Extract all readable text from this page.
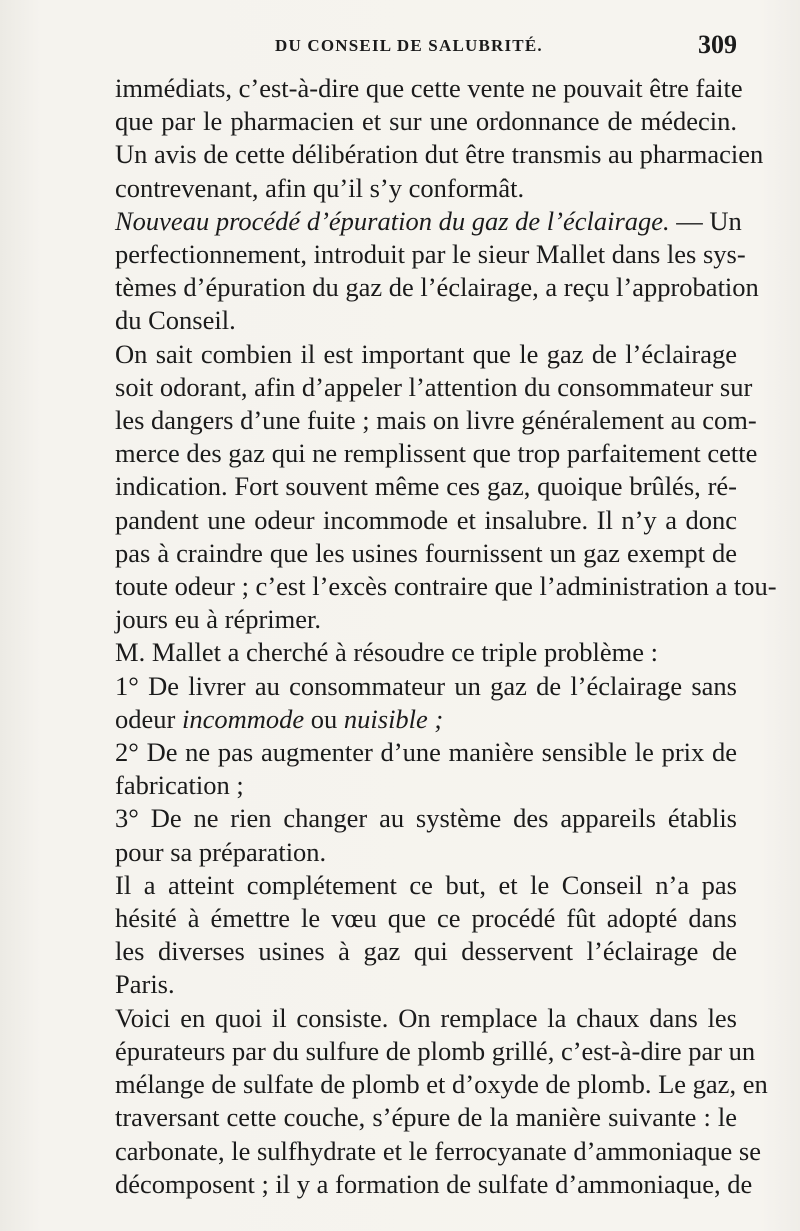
DU CONSEIL DE SALUBRITÉ.	309
immédiats, c’est-à-dire que cette vente ne pouvait être faite
que par le pharmacien et sur une ordonnance de médecin.
Un avis de cette délibération dut être transmis au pharmacien
contrevenant, afin qu’il s’y conformât.
Nouveau procédé d’épuration du gaz de l’éclairage. — Un
perfectionnement, introduit par le sieur Mallet dans les sys-
tèmes d’épuration du gaz de l’éclairage, a reçu l’approbation
du Conseil.
On sait combien il est important que le gaz de l’éclairage
soit odorant, afin d’appeler l’attention du consommateur sur
les dangers d’une fuite ; mais on livre généralement au com-
merce des gaz qui ne remplissent que trop parfaitement cette
indication. Fort souvent même ces gaz, quoique brûlés, ré-
pandent une odeur incommode et insalubre. Il n’y a donc
pas à craindre que les usines fournissent un gaz exempt de
toute odeur ; c’est l’excès contraire que l’administration a tou-
jours eu à réprimer.
M. Mallet a cherché à résoudre ce triple problème :
1° De livrer au consommateur un gaz de l’éclairage sans
odeur incommode ou nuisible ;
2° De ne pas augmenter d’une manière sensible le prix de
fabrication ;
3° De ne rien changer au système des appareils établis
pour sa préparation.
Il a atteint complétement ce but, et le Conseil n’a pas
hésité à émettre le vœu que ce procédé fût adopté dans
les diverses usines à gaz qui desservent l’éclairage de
Paris.
Voici en quoi il consiste. On remplace la chaux dans les
épurateurs par du sulfure de plomb grillé, c’est-à-dire par un
mélange de sulfate de plomb et d’oxyde de plomb. Le gaz, en
traversant cette couche, s’épure de la manière suivante : le
carbonate, le sulfhydrate et le ferrocyanate d’ammoniaque se
décomposent ; il y a formation de sulfate d’ammoniaque, de
